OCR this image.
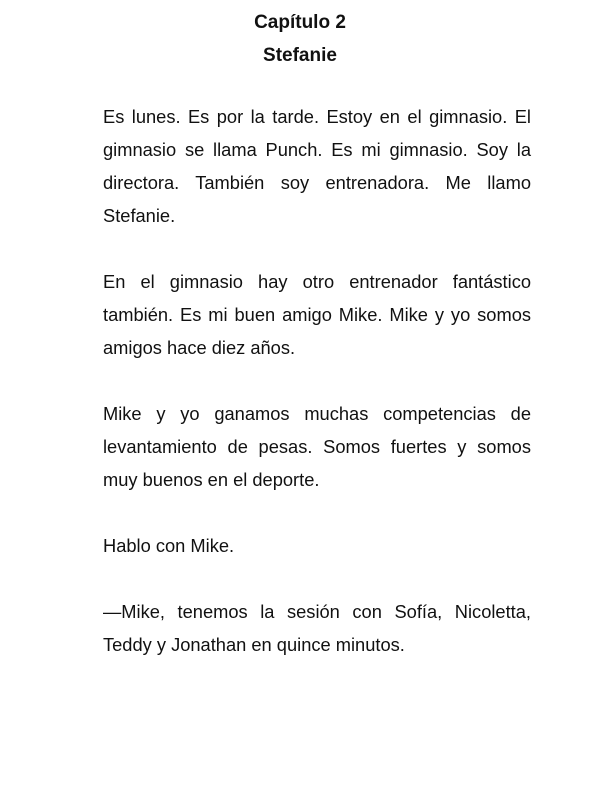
Capítulo 2
Stefanie

Es lunes. Es por la tarde. Estoy en el gimnasio. El gimnasio se llama Punch. Es mi gimnasio. Soy la directora. También soy entrenadora. Me llamo Stefanie.

En el gimnasio hay otro entrenador fantástico también. Es mi buen amigo Mike. Mike y yo somos amigos hace diez años.

Mike y yo ganamos muchas competencias de levantamiento de pesas. Somos fuertes y somos muy buenos en el deporte.

Hablo con Mike.

—Mike, tenemos la sesión con Sofía, Nicoletta, Teddy y Jonathan en quince minutos.
